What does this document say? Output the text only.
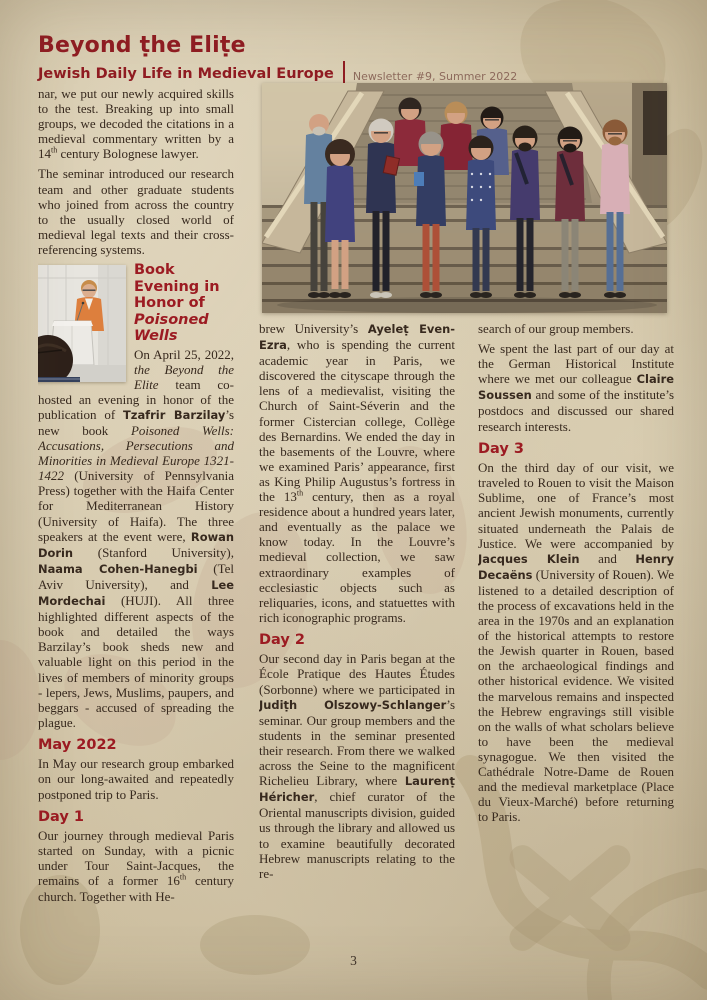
Beyond ṭhe Eliṭe
Jewish Daily Life in Medieval Europe Newsletter #9, Summer 2022

nar, we put our newly acquired skills to the test. Breaking up into small groups, we decoded the citations in a medieval commentary written by a 14th century Bolognese lawyer.

The seminar introduced our research team and other graduate students who joined from across the country to the usually closed world of medieval legal texts and their cross-referencing systems.

Book Evening in Honor of Poisoned Wells

On April 25, 2022, the Beyond the Elite team co-hosted an evening in honor of the publication of Tzafrir Barzilay’s new book Poisoned Wells: Accusations, Persecutions and Minorities in Medieval Europe 1321-1422 (University of Pennsylvania Press) together with the Haifa Center for Mediterranean History (University of Haifa). The three speakers at the event were, Rowan Dorin (Stanford University), Naama Cohen-Hanegbi (Tel Aviv University), and Lee Mordechai (HUJI). All three highlighted different aspects of the book and detailed the ways Barzilay’s book sheds new and valuable light on this period in the lives of members of minority groups - lepers, Jews, Muslims, paupers, and beggars - accused of spreading the plague.

May 2022

In May our research group embarked on our long-awaited and repeatedly postponed trip to Paris.

Day 1

Our journey through medieval Paris started on Sunday, with a picnic under Tour Saint-Jacques, the remains of a former 16th century church. Together with He-

brew University’s Ayeleṭ Even-Ezra, who is spending the current academic year in Paris, we discovered the cityscape through the lens of a medievalist, visiting the Church of Saint-Séverin and the former Cistercian college, Collège des Bernardins. We ended the day in the basements of the Louvre, where we examined Paris’ appearance, first as King Philip Augustus’s fortress in the 13th century, then as a royal residence about a hundred years later, and eventually as the palace we know today. In the Louvre’s medieval collection, we saw extraordinary examples of ecclesiastic objects such as reliquaries, icons, and statuettes with rich iconographic programs.

Day 2

Our second day in Paris began at the École Pratique des Hautes Études (Sorbonne) where we participated in Judiṭh Olszowy-Schlanger’s seminar. Our group members and the students in the seminar presented their research. From there we walked across the Seine to the magnificent Richelieu Library, where Laurenṭ Héricher, chief curator of the Oriental manuscripts division, guided us through the library and allowed us to examine beautifully decorated Hebrew manuscripts relating to the re-

search of our group members.

We spent the last part of our day at the German Historical Institute where we met our colleague Claire Soussen and some of the institute’s postdocs and discussed our shared research interests.

Day 3

On the third day of our visit, we traveled to Rouen to visit the Maison Sublime, one of France’s most ancient Jewish monuments, currently situated underneath the Palais de Justice. We were accompanied by Jacques Klein and Henry Decaëns (University of Rouen). We listened to a detailed description of the process of excavations held in the area in the 1970s and an explanation of the historical attempts to restore the Jewish quarter in Rouen, based on the archaeological findings and other historical evidence. We visited the marvelous remains and inspected the Hebrew engravings still visible on the walls of what scholars believe to have been the medieval synagogue. We then visited the Cathédrale Notre-Dame de Rouen and the medieval marketplace (Place du Vieux-Marché) before returning to Paris.

3
